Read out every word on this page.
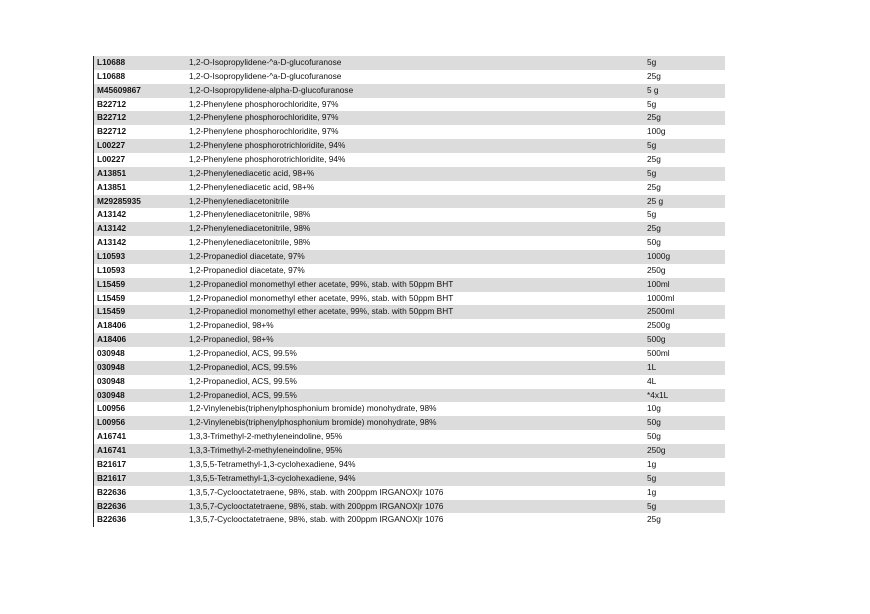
L10688	1,2-O-Isopropylidene-^a-D-glucofuranose	5g
L10688	1,2-O-Isopropylidene-^a-D-glucofuranose	25g
M45609867	1,2-O-Isopropylidene-alpha-D-glucofuranose	5 g
B22712	1,2-Phenylene phosphorochloridite, 97%	5g
B22712	1,2-Phenylene phosphorochloridite, 97%	25g
B22712	1,2-Phenylene phosphorochloridite, 97%	100g
L00227	1,2-Phenylene phosphorotrichloridite, 94%	5g
L00227	1,2-Phenylene phosphorotrichloridite, 94%	25g
A13851	1,2-Phenylenediacetic acid, 98+%	5g
A13851	1,2-Phenylenediacetic acid, 98+%	25g
M29285935	1,2-Phenylenediacetonitrile	25 g
A13142	1,2-Phenylenediacetonitrile, 98%	5g
A13142	1,2-Phenylenediacetonitrile, 98%	25g
A13142	1,2-Phenylenediacetonitrile, 98%	50g
L10593	1,2-Propanediol diacetate, 97%	1000g
L10593	1,2-Propanediol diacetate, 97%	250g
L15459	1,2-Propanediol monomethyl ether acetate, 99%, stab. with 50ppm BHT	100ml
L15459	1,2-Propanediol monomethyl ether acetate, 99%, stab. with 50ppm BHT	1000ml
L15459	1,2-Propanediol monomethyl ether acetate, 99%, stab. with 50ppm BHT	2500ml
A18406	1,2-Propanediol, 98+%	2500g
A18406	1,2-Propanediol, 98+%	500g
030948	1,2-Propanediol, ACS, 99.5%	500ml
030948	1,2-Propanediol, ACS, 99.5%	1L
030948	1,2-Propanediol, ACS, 99.5%	4L
030948	1,2-Propanediol, ACS, 99.5%	*4x1L
L00956	1,2-Vinylenebis(triphenylphosphonium bromide) monohydrate, 98%	10g
L00956	1,2-Vinylenebis(triphenylphosphonium bromide) monohydrate, 98%	50g
A16741	1,3,3-Trimethyl-2-methyleneindoline, 95%	50g
A16741	1,3,3-Trimethyl-2-methyleneindoline, 95%	250g
B21617	1,3,5,5-Tetramethyl-1,3-cyclohexadiene, 94%	1g
B21617	1,3,5,5-Tetramethyl-1,3-cyclohexadiene, 94%	5g
B22636	1,3,5,7-Cyclooctatetraene, 98%, stab. with 200ppm IRGANOX|r 1076	1g
B22636	1,3,5,7-Cyclooctatetraene, 98%, stab. with 200ppm IRGANOX|r 1076	5g
B22636	1,3,5,7-Cyclooctatetraene, 98%, stab. with 200ppm IRGANOX|r 1076	25g
